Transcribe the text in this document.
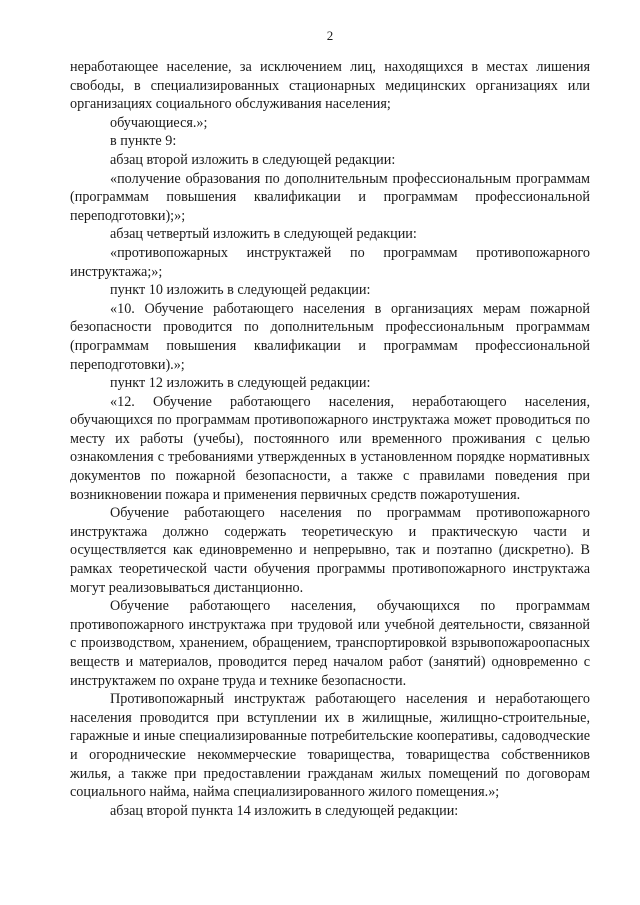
2

неработающее население, за исключением лиц, находящихся в местах лишения свободы, в специализированных стационарных медицинских организациях или организациях социального обслуживания населения;

обучающиеся.»;

в пункте 9:

абзац второй изложить в следующей редакции:

«получение образования по дополнительным профессиональным программам (программам повышения квалификации и программам профессиональной переподготовки);»;

абзац четвертый изложить в следующей редакции:

«противопожарных инструктажей по программам противопожарного инструктажа;»;

пункт 10 изложить в следующей редакции:

«10. Обучение работающего населения в организациях мерам пожарной безопасности проводится по дополнительным профессиональным программам (программам повышения квалификации и программам профессиональной переподготовки).»;

пункт 12 изложить в следующей редакции:

«12. Обучение работающего населения, неработающего населения, обучающихся по программам противопожарного инструктажа может проводиться по месту их работы (учебы), постоянного или временного проживания с целью ознакомления с требованиями утвержденных в установленном порядке нормативных документов по пожарной безопасности, а также с правилами поведения при возникновении пожара и применения первичных средств пожаротушения.

Обучение работающего населения по программам противопожарного инструктажа должно содержать теоретическую и практическую части и осуществляется как единовременно и непрерывно, так и поэтапно (дискретно). В рамках теоретической части обучения программы противопожарного инструктажа могут реализовываться дистанционно.

Обучение работающего населения, обучающихся по программам противопожарного инструктажа при трудовой или учебной деятельности, связанной с производством, хранением, обращением, транспортировкой взрывопожароопасных веществ и материалов, проводится перед началом работ (занятий) одновременно с инструктажем по охране труда и технике безопасности.

Противопожарный инструктаж работающего населения и неработающего населения проводится при вступлении их в жилищные, жилищно-строительные, гаражные и иные специализированные потребительские кооперативы, садоводческие и огороднические некоммерческие товарищества, товарищества собственников жилья, а также при предоставлении гражданам жилых помещений по договорам социального найма, найма специализированного жилого помещения.»;

абзац второй пункта 14 изложить в следующей редакции:
